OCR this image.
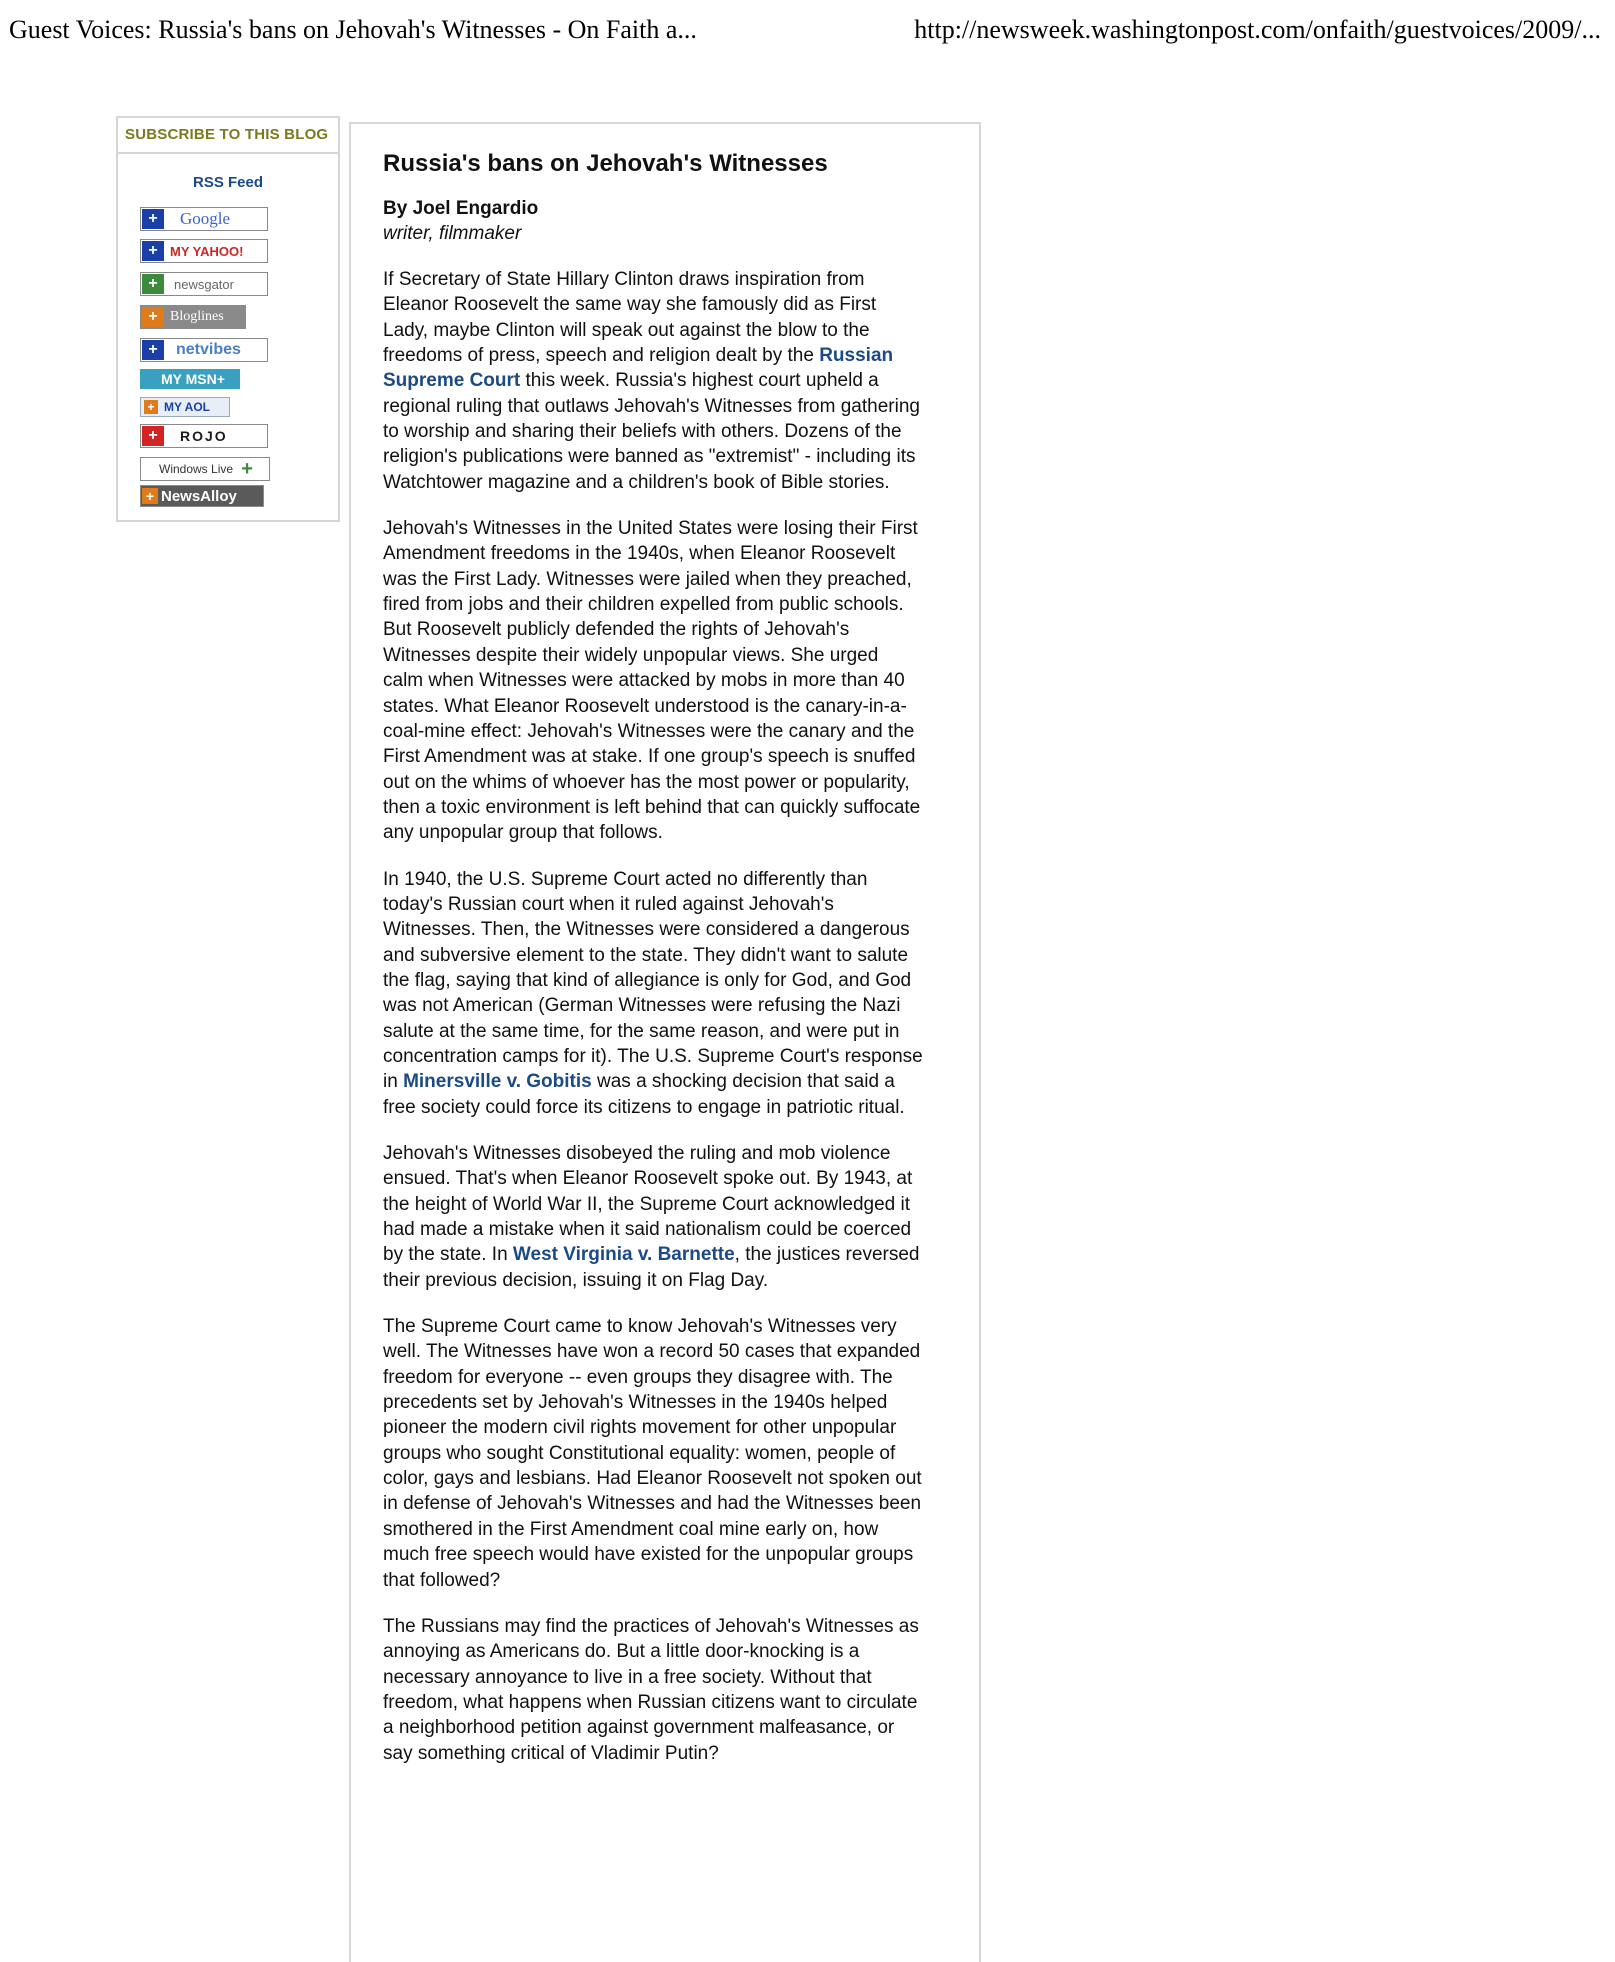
Guest Voices: Russia's bans on Jehovah's Witnesses - On Faith a...	http://newsweek.washingtonpost.com/onfaith/guestvoices/2009/...
SUBSCRIBE TO THIS BLOG
RSS Feed
+	Google
+ MY YAHOO!
+	newsgator
+ Bloglines
+	netvibes
MY MSN+
+ MY AOL
+	ROJO
Windows Live +
+ NewsAlloy
Russia's bans on Jehovah's Witnesses
By Joel Engardio
writer, filmmaker

If Secretary of State Hillary Clinton draws inspiration from Eleanor Roosevelt the same way she famously did as First Lady, maybe Clinton will speak out against the blow to the freedoms of press, speech and religion dealt by the Russian Supreme Court this week. Russia's highest court upheld a regional ruling that outlaws Jehovah's Witnesses from gathering to worship and sharing their beliefs with others. Dozens of the religion's publications were banned as "extremist" - including its Watchtower magazine and a children's book of Bible stories.

Jehovah's Witnesses in the United States were losing their First Amendment freedoms in the 1940s, when Eleanor Roosevelt was the First Lady. Witnesses were jailed when they preached, fired from jobs and their children expelled from public schools. But Roosevelt publicly defended the rights of Jehovah's Witnesses despite their widely unpopular views. She urged calm when Witnesses were attacked by mobs in more than 40 states. What Eleanor Roosevelt understood is the canary-in-a-coal-mine effect: Jehovah's Witnesses were the canary and the First Amendment was at stake. If one group's speech is snuffed out on the whims of whoever has the most power or popularity, then a toxic environment is left behind that can quickly suffocate any unpopular group that follows.

In 1940, the U.S. Supreme Court acted no differently than today's Russian court when it ruled against Jehovah's Witnesses. Then, the Witnesses were considered a dangerous and subversive element to the state. They didn't want to salute the flag, saying that kind of allegiance is only for God, and God was not American (German Witnesses were refusing the Nazi salute at the same time, for the same reason, and were put in concentration camps for it). The U.S. Supreme Court's response in Minersville v. Gobitis was a shocking decision that said a free society could force its citizens to engage in patriotic ritual.

Jehovah's Witnesses disobeyed the ruling and mob violence ensued. That's when Eleanor Roosevelt spoke out. By 1943, at the height of World War II, the Supreme Court acknowledged it had made a mistake when it said nationalism could be coerced by the state. In West Virginia v. Barnette, the justices reversed their previous decision, issuing it on Flag Day.

The Supreme Court came to know Jehovah's Witnesses very well. The Witnesses have won a record 50 cases that expanded freedom for everyone -- even groups they disagree with. The precedents set by Jehovah's Witnesses in the 1940s helped pioneer the modern civil rights movement for other unpopular groups who sought Constitutional equality: women, people of color, gays and lesbians. Had Eleanor Roosevelt not spoken out in defense of Jehovah's Witnesses and had the Witnesses been smothered in the First Amendment coal mine early on, how much free speech would have existed for the unpopular groups that followed?

The Russians may find the practices of Jehovah's Witnesses as annoying as Americans do. But a little door-knocking is a necessary annoyance to live in a free society. Without that freedom, what happens when Russian citizens want to circulate a neighborhood petition against government malfeasance, or say something critical of Vladimir Putin?
